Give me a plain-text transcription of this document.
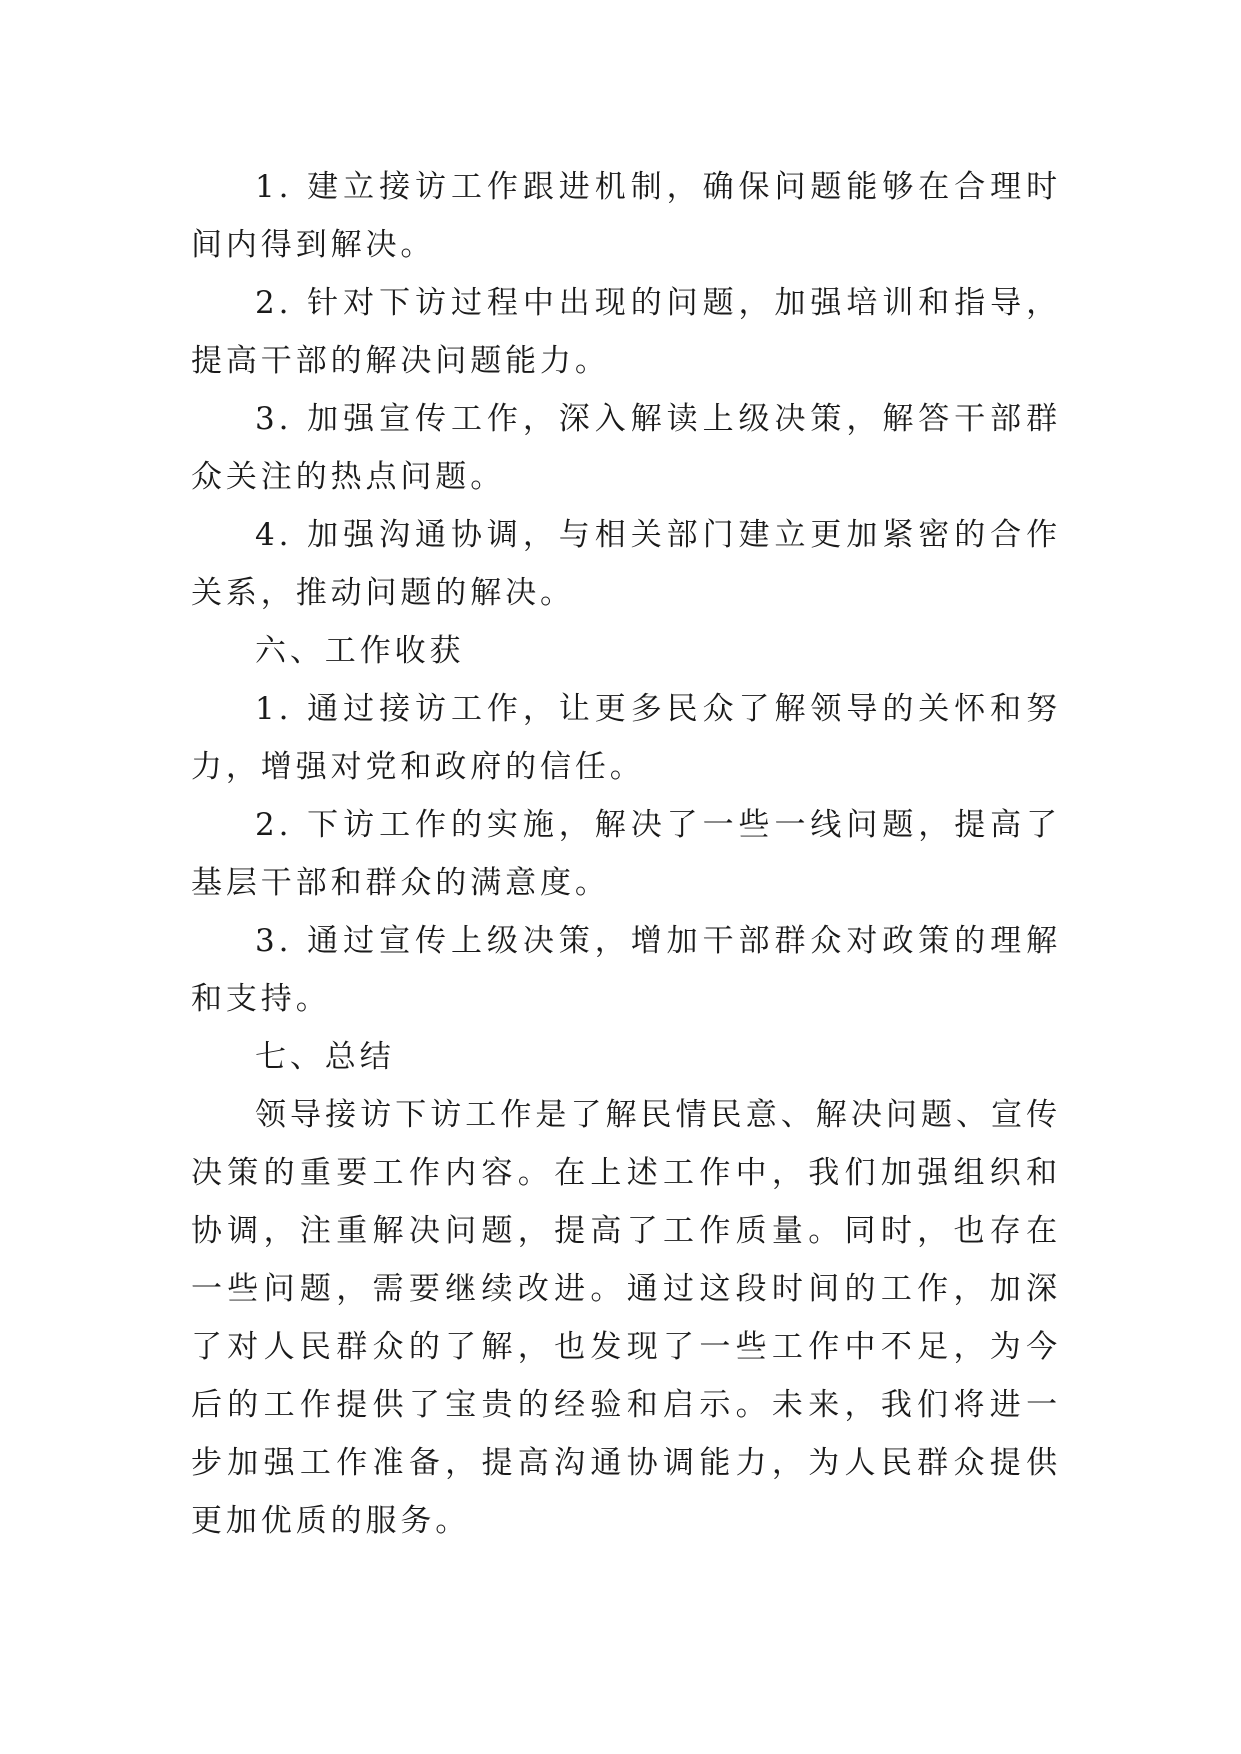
1. 建立接访工作跟进机制，确保问题能够在合理时间内得到解决。

2. 针对下访过程中出现的问题，加强培训和指导，提高干部的解决问题能力。

3. 加强宣传工作，深入解读上级决策，解答干部群众关注的热点问题。

4. 加强沟通协调，与相关部门建立更加紧密的合作关系，推动问题的解决。

六、工作收获

1. 通过接访工作，让更多民众了解领导的关怀和努力，增强对党和政府的信任。

2. 下访工作的实施，解决了一些一线问题，提高了基层干部和群众的满意度。

3. 通过宣传上级决策，增加干部群众对政策的理解和支持。

七、总结

领导接访下访工作是了解民情民意、解决问题、宣传决策的重要工作内容。在上述工作中，我们加强组织和协调，注重解决问题，提高了工作质量。同时，也存在一些问题，需要继续改进。通过这段时间的工作，加深了对人民群众的了解，也发现了一些工作中不足，为今后的工作提供了宝贵的经验和启示。未来，我们将进一步加强工作准备，提高沟通协调能力，为人民群众提供更加优质的服务。
